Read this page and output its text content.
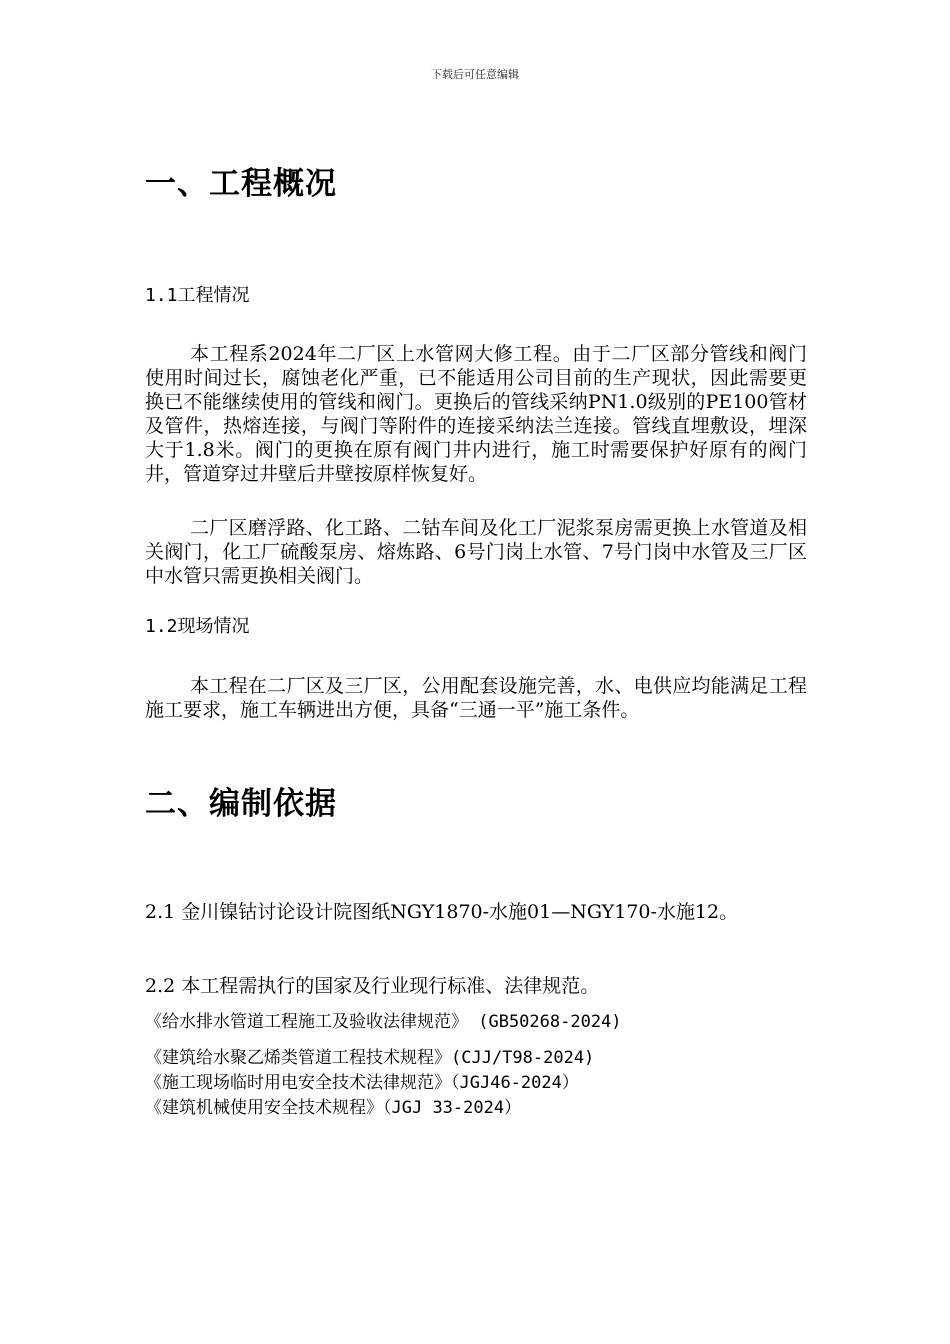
下载后可任意编辑
一、工程概况
1.1工程情况

本工程系2024年二厂区上水管网大修工程。由于二厂区部分管线和阀门使用时间过长，腐蚀老化严重，已不能适用公司目前的生产现状，因此需要更换已不能继续使用的管线和阀门。更换后的管线采纳PN1.0级别的PE100管材及管件，热熔连接，与阀门等附件的连接采纳法兰连接。管线直埋敷设，埋深大于1.8米。阀门的更换在原有阀门井内进行，施工时需要保护好原有的阀门井，管道穿过井壁后井壁按原样恢复好。

二厂区磨浮路、化工路、二钴车间及化工厂泥浆泵房需更换上水管道及相关阀门，化工厂硫酸泵房、熔炼路、6号门岗上水管、7号门岗中水管及三厂区中水管只需更换相关阀门。

1.2现场情况

本工程在二厂区及三厂区，公用配套设施完善，水、电供应均能满足工程施工要求，施工车辆进出方便，具备“三通一平”施工条件。

二、编制依据

2.1 金川镍钴讨论设计院图纸NGY1870-水施01—NGY170-水施12。

2.2 本工程需执行的国家及行业现行标准、法律规范。

《给水排水管道工程施工及验收法律规范》 (GB50268-2024)

《建筑给水聚乙烯类管道工程技术规程》(CJJ/T98-2024)

《施工现场临时用电安全技术法律规范》（JGJ46-2024）

《建筑机械使用安全技术规程》（JGJ 33-2024）
